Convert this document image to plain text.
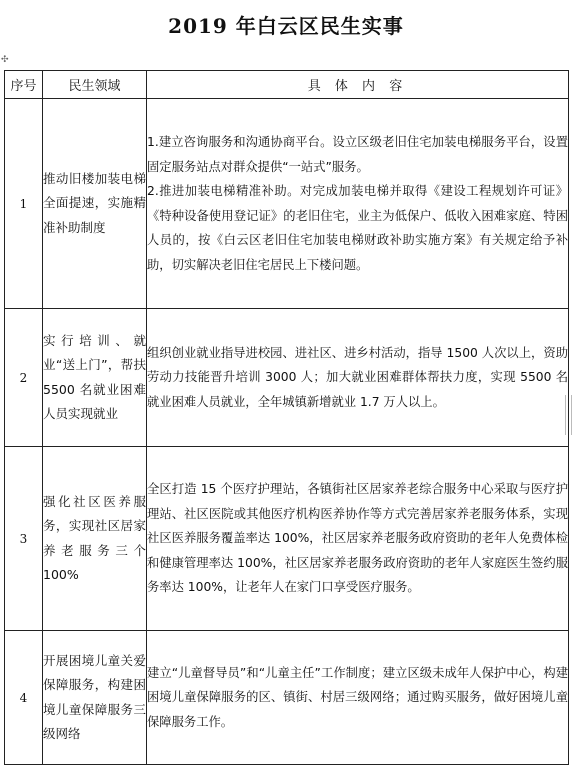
2019 年白云区民生实事
✣
序号	民生领域	具 体 内 容
1	推动旧楼加装电梯全面提速，实施精准补助制度	1.建立咨询服务和沟通协商平台。设立区级老旧住宅加装电梯服务平台，设置固定服务站点对群众提供“一站式”服务。

2.推进加装电梯精准补助。对完成加装电梯并取得《建设工程规划许可证》《特种设备使用登记证》的老旧住宅，业主为低保户、低收入困难家庭、特困人员的，按《白云区老旧住宅加装电梯财政补助实施方案》有关规定给予补助，切实解决老旧住宅居民上下楼问题。

2	实行培训、就业“送上门”，帮扶 5500 名就业困难人员实现就业	组织创业就业指导进校园、进社区、进乡村活动，指导 1500 人次以上，资助劳动力技能晋升培训 3000 人；加大就业困难群体帮扶力度，实现 5500 名就业困难人员就业，全年城镇新增就业 1.7 万人以上。

3	强化社区医养服务，实现社区居家养老服务三个 100%	全区打造 15 个医疗护理站，各镇街社区居家养老综合服务中心采取与医疗护理站、社区医院或其他医疗机构医养协作等方式完善居家养老服务体系，实现社区医养服务覆盖率达 100%，社区居家养老服务政府资助的老年人免费体检和健康管理率达 100%，社区居家养老服务政府资助的老年人家庭医生签约服务率达 100%，让老年人在家门口享受医疗服务。

4	开展困境儿童关爱保障服务，构建困境儿童保障服务三级网络	建立“儿童督导员”和“儿童主任”工作制度；建立区级未成年人保护中心，构建困境儿童保障服务的区、镇街、村居三级网络；通过购买服务，做好困境儿童保障服务工作。
